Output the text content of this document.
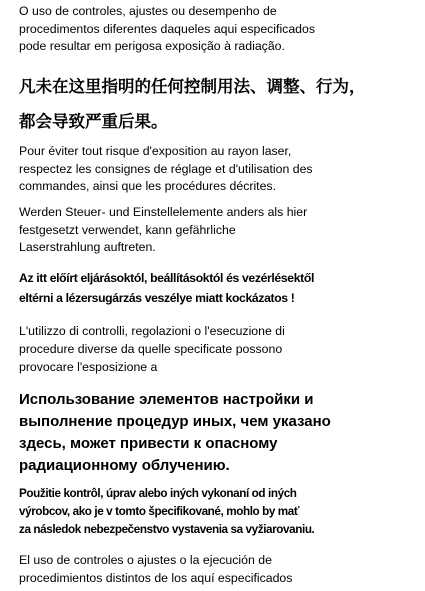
O uso de controles, ajustes ou desempenho de
procedimentos diferentes daqueles aqui especificados
pode resultar em perigosa exposição à radiação.

凡未在这里指明的任何控制用法、调整、行为，
都会导致严重后果。

Pour éviter tout risque d'exposition au rayon laser,
respectez les consignes de réglage et d'utilisation des
commandes, ainsi que les procédures décrites.

Werden Steuer- und Einstellelemente anders als hier
festgesetzt verwendet, kann gefährliche
Laserstrahlung auftreten.

Az itt előírt eljárásoktól, beállításoktól és vezérlésektől
eltérni a lézersugárzás veszélye miatt kockázatos !

L'utilizzo di controlli, regolazioni o l'esecuzione di
procedure diverse da quelle specificate possono
provocare l'esposizione a

Использование элементов настройки и
выполнение процедур иных, чем указано
здесь, может привести к опасному
радиационному облучению.

Použitie kontrôl, úprav alebo iných vykonaní od iných
výrobcov, ako je v tomto špecifikované, mohlo by mať
za následok nebezpečenstvo vystavenia sa vyžiarovaniu.

El uso de controles o ajustes o la ejecución de
procedimientos distintos de los aquí especificados
